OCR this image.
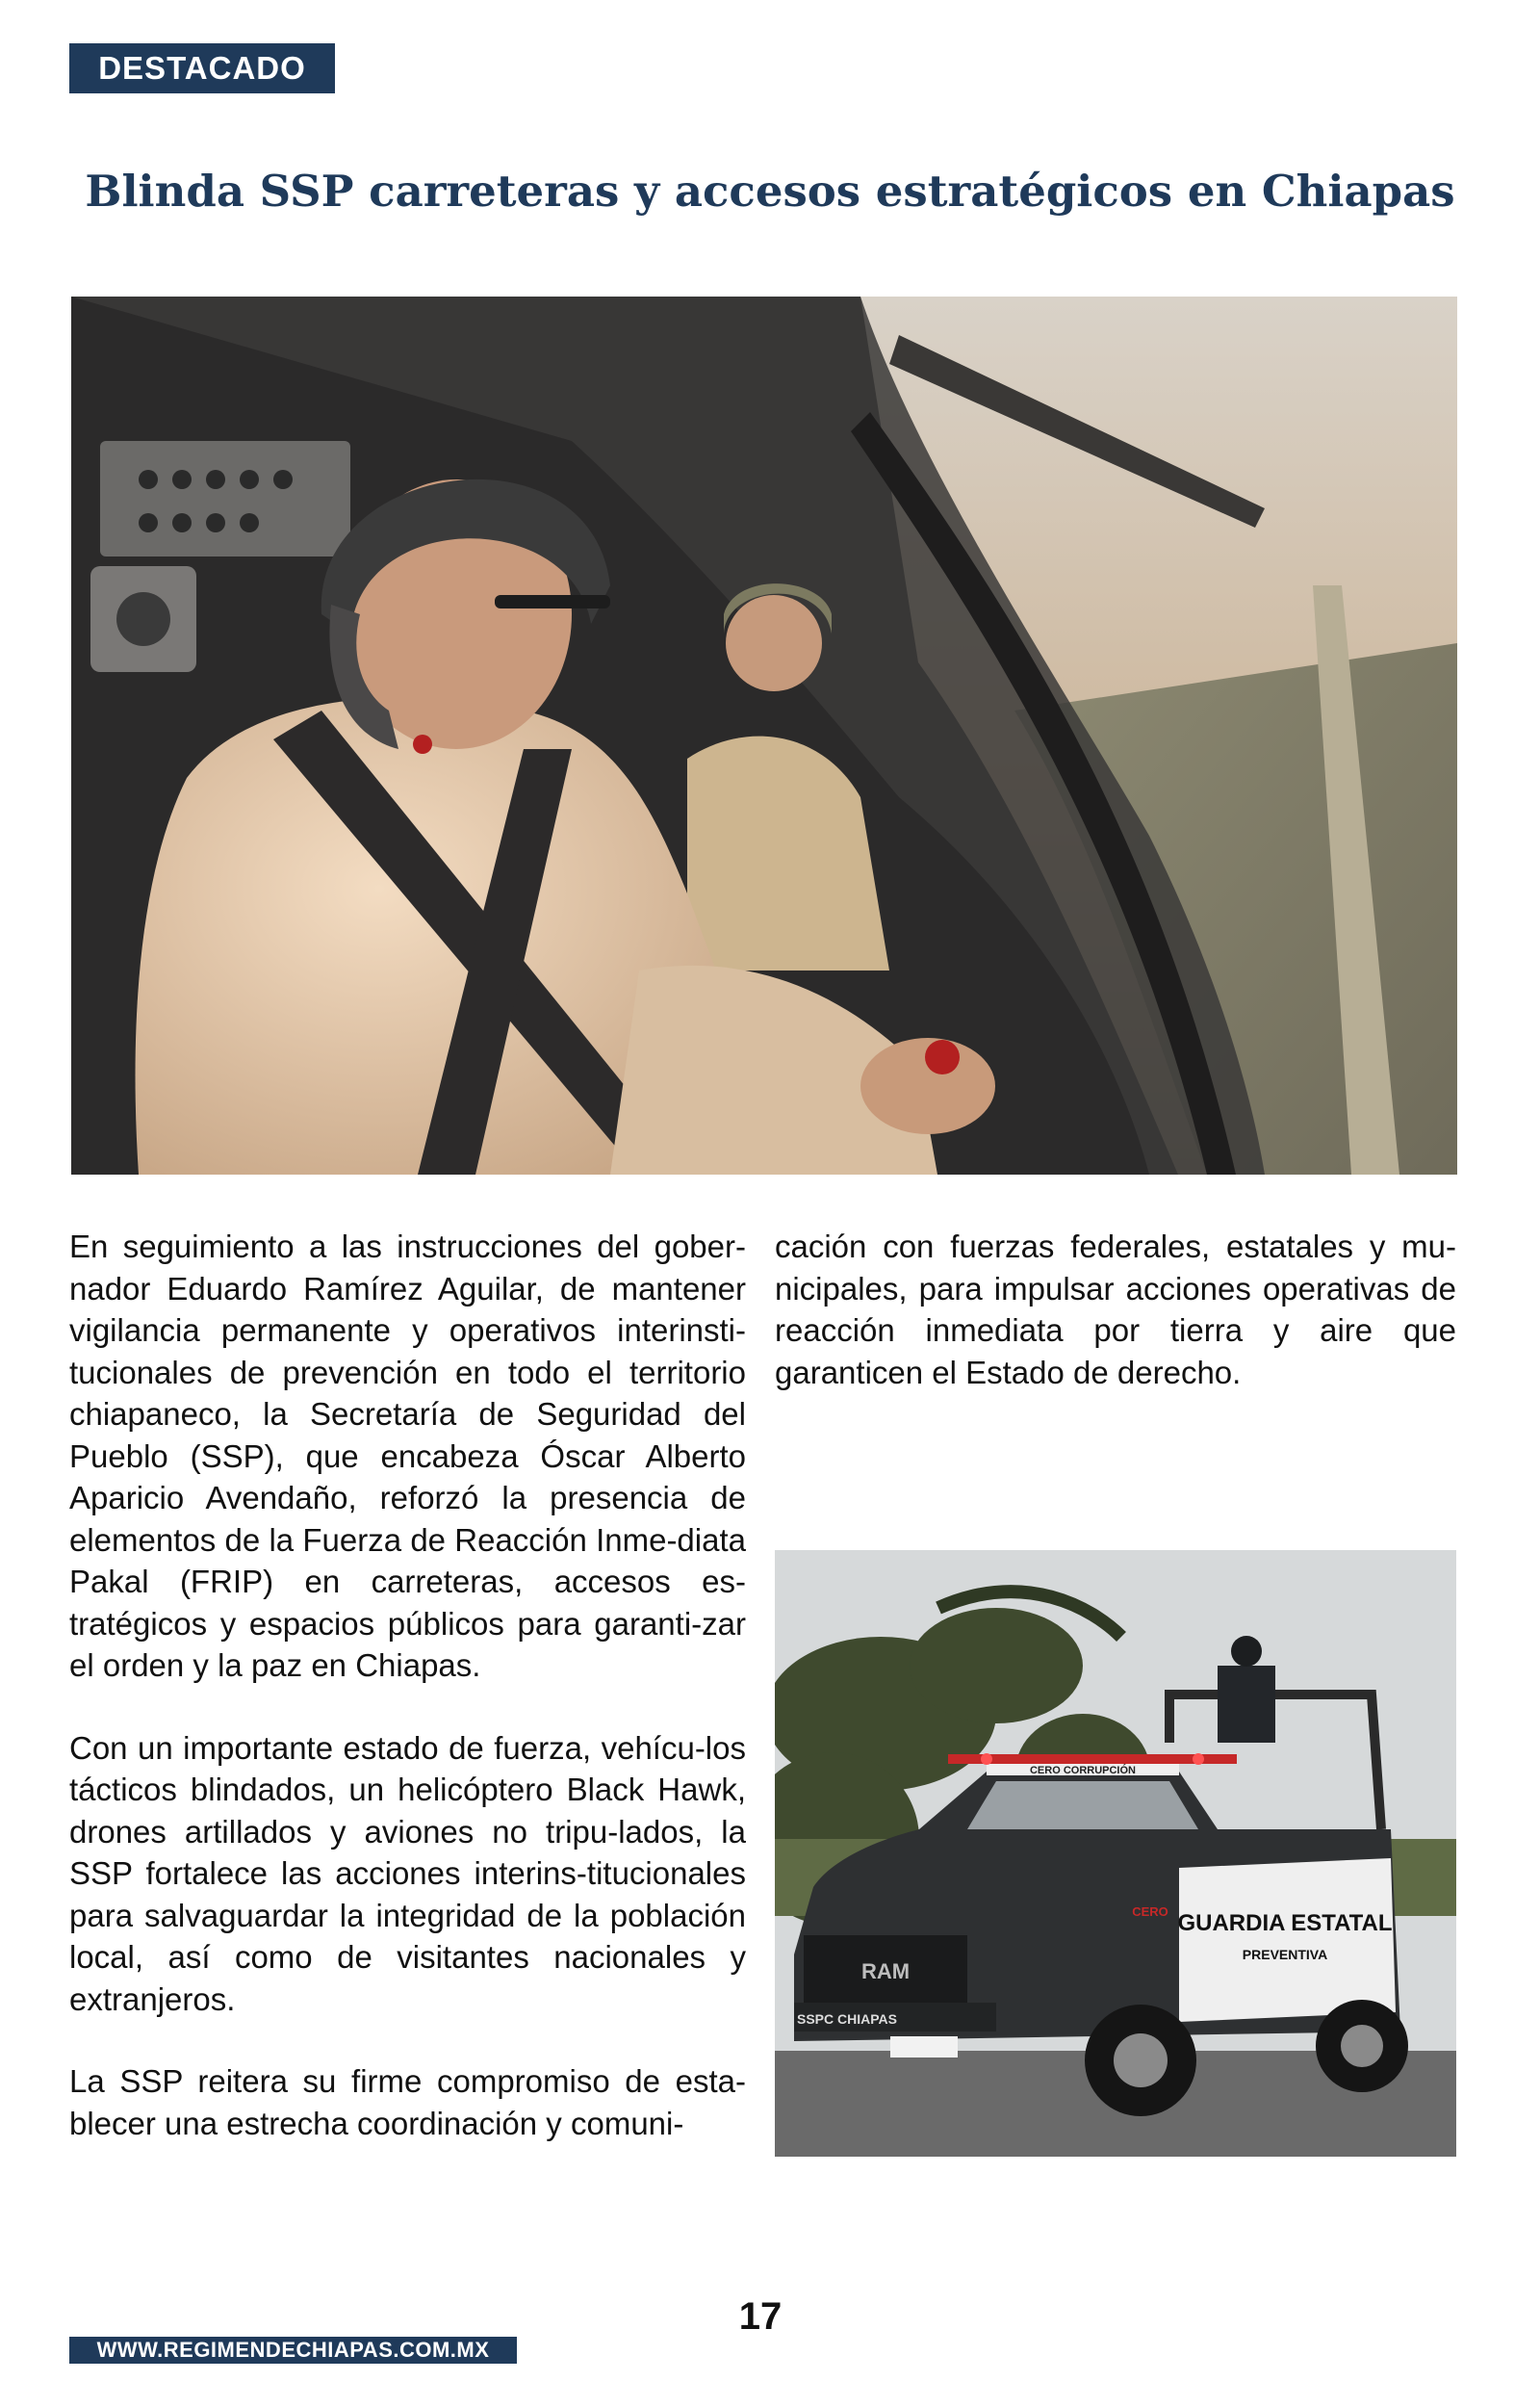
DESTACADO
Blinda SSP carreteras y accesos estratégicos en Chiapas

En seguimiento a las instrucciones del gober-nador Eduardo Ramírez Aguilar, de mantener vigilancia permanente y operativos interinsti-tucionales de prevención en todo el territorio chiapaneco, la Secretaría de Seguridad del Pueblo (SSP), que encabeza Óscar Alberto Aparicio Avendaño, reforzó la presencia de elementos de la Fuerza de Reacción Inme-diata Pakal (FRIP) en carreteras, accesos es-tratégicos y espacios públicos para garanti-zar el orden y la paz en Chiapas.

Con un importante estado de fuerza, vehícu-los tácticos blindados, un helicóptero Black Hawk, drones artillados y aviones no tripu-lados, la SSP fortalece las acciones interins-titucionales para salvaguardar la integridad de la población local, así como de visitantes nacionales y extranjeros.

La SSP reitera su firme compromiso de esta-blecer una estrecha coordinación y comuni-

cación con fuerzas federales, estatales y mu-nicipales, para impulsar acciones operativas de reacción inmediata por tierra y aire que garanticen el Estado de derecho.

CERO CORRUPCIÓN
GUARDIA ESTATAL
PREVENTIVA
CERO
RAM
SSPC CHIAPAS
17
WWW.REGIMENDECHIAPAS.COM.MX
